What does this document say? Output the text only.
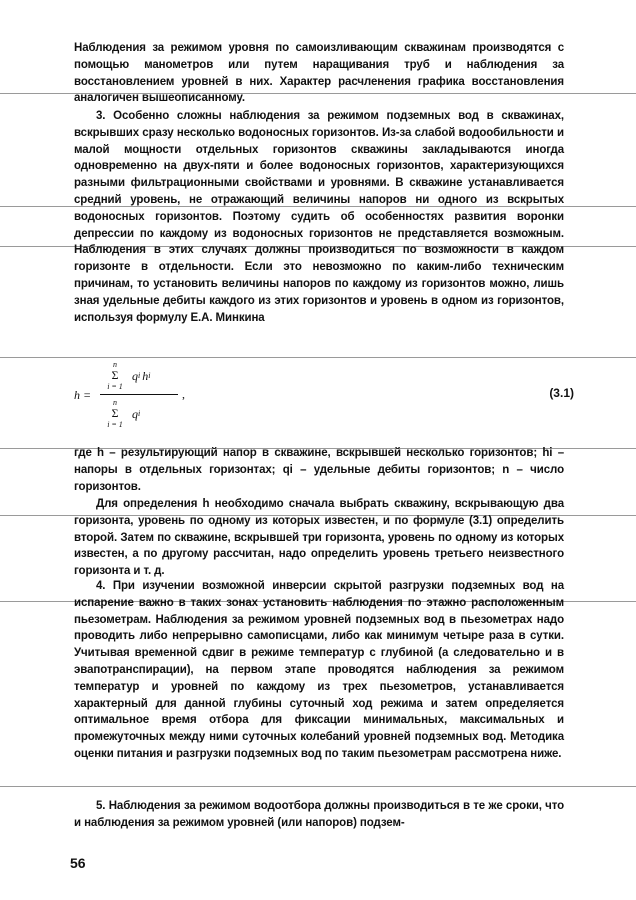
Наблюдения за режимом уровня по самоизливающим скважинам производятся с помощью манометров или путем наращивания труб и наблюдения за восстановлением уровней в них. Характер расчленения графика восстановления аналогичен вышеописанному.

3. Особенно сложны наблюдения за режимом подземных вод в скважинах, вскрывших сразу несколько водоносных горизонтов. Из-за слабой водообильности и малой мощности отдельных горизонтов скважины закладываются иногда одновременно на двух-пяти и более водоносных горизонтов, характеризующихся разными фильтрационными свойствами и уровнями. В скважине устанавливается средний уровень, не отражающий величины напоров ни одного из вскрытых водоносных горизонтов. Поэтому судить об особенностях развития воронки депрессии по каждому из водоносных горизонтов не представляется возможным. Наблюдения в этих случаях должны производиться по возможности в каждом горизонте в отдельности. Если это невозможно по каким-либо техническим причинам, то установить величины напоров по каждому из горизонтов можно, лишь зная удельные дебиты каждого из этих горизонтов и уровень в одном из горизонтов, используя формулу Е.А. Минкина

h =
n
Σ	q i h i
i = 1
n
Σ	q i
i = 1
,	(3.1)

где h – результирующий напор в скважине, вскрывшей несколько горизонтов; hi – напоры в отдельных горизонтах; qi – удельные дебиты горизонтов; n – число горизонтов.

Для определения h необходимо сначала выбрать скважину, вскрывающую два горизонта, уровень по одному из которых известен, и по формуле (3.1) определить второй. Затем по скважине, вскрывшей три горизонта, уровень по одному из которых известен, а по другому рассчитан, надо определить уровень третьего неизвестного горизонта и т. д.

4. При изучении возможной инверсии скрытой разгрузки подземных вод на испарение важно в таких зонах установить наблюдения по этажно расположенным пьезометрам. Наблюдения за режимом уровней подземных вод в пьезометрах надо проводить либо непрерывно самописцами, либо как минимум четыре раза в сутки. Учитывая временной сдвиг в режиме температур с глубиной (а следовательно и в эвапотранспирации), на первом этапе проводятся наблюдения за режимом температур и уровней по каждому из трех пьезометров, устанавливается характерный для данной глубины суточный ход режима и затем определяется оптимальное время отбора для фиксации минимальных, максимальных и промежуточных между ними суточных колебаний уровней подземных вод. Методика оценки питания и разгрузки подземных вод по таким пьезометрам рассмотрена ниже.

5. Наблюдения за режимом водоотбора должны производиться в те же сроки, что и наблюдения за режимом уровней (или напоров) подзем-

56
